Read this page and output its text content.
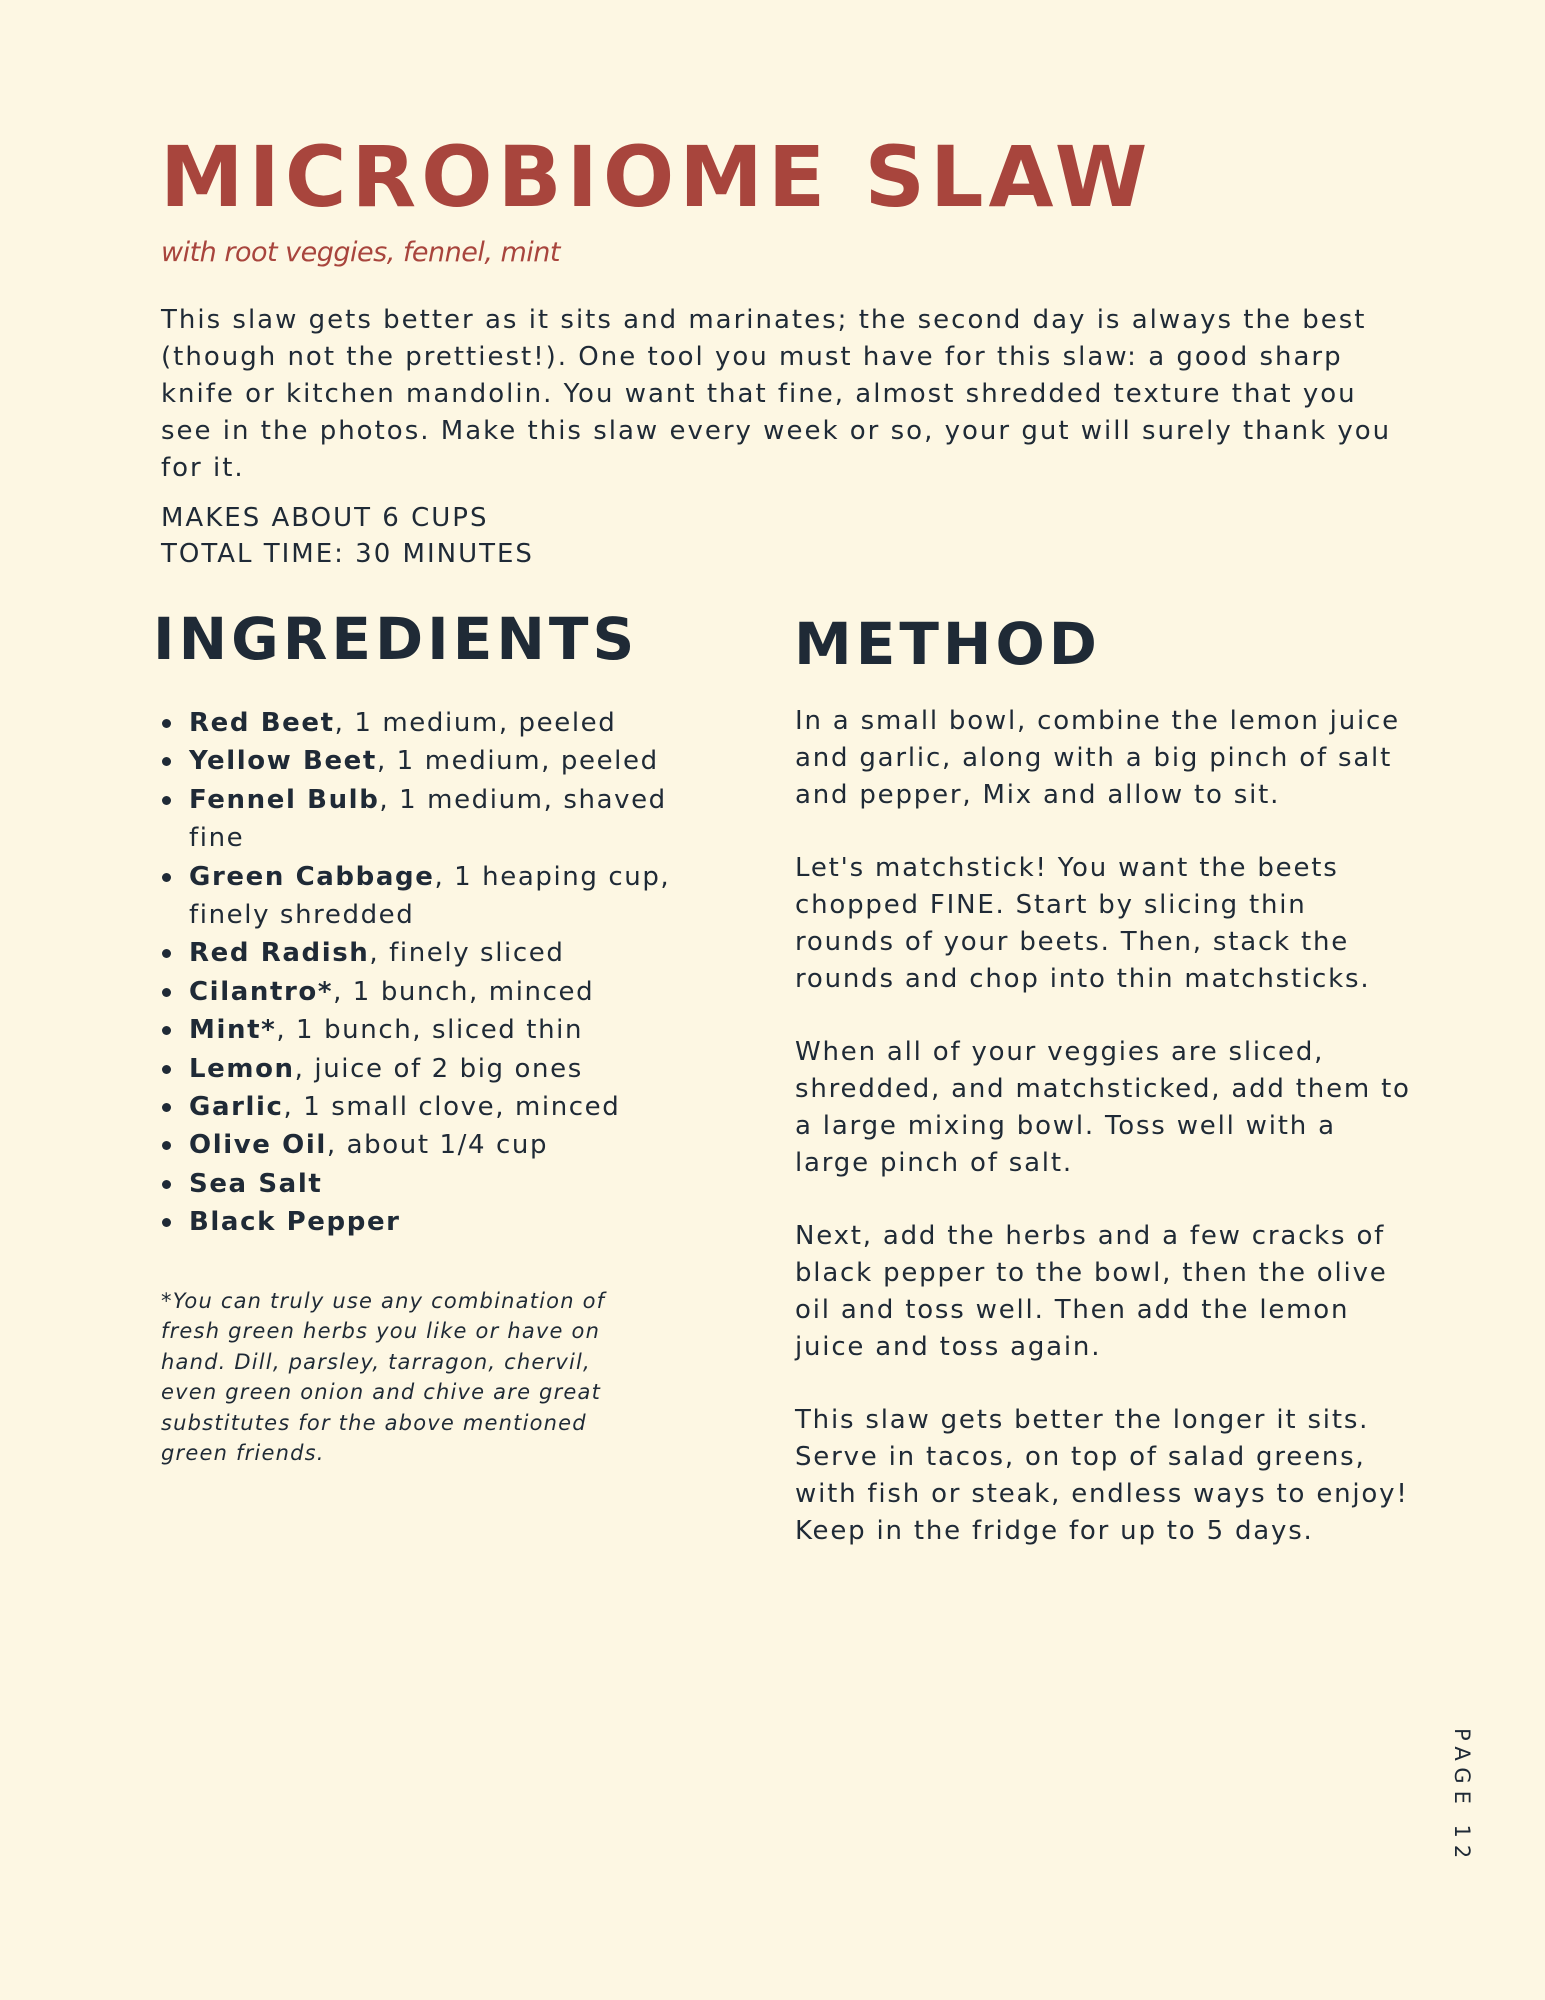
MICROBIOME SLAW

with root veggies, fennel, mint

This slaw gets better as it sits and marinates; the second day is always the best (though not the prettiest!). One tool you must have for this slaw: a good sharp knife or kitchen mandolin. You want that fine, almost shredded texture that you see in the photos. Make this slaw every week or so, your gut will surely thank you for it.

MAKES ABOUT 6 CUPS
TOTAL TIME: 30 MINUTES
INGREDIENTS	METHOD
Red Beet, 1 medium, peeled
Yellow Beet, 1 medium, peeled
Fennel Bulb, 1 medium, shaved fine
Green Cabbage, 1 heaping cup, finely shredded
Red Radish, finely sliced
Cilantro*, 1 bunch, minced
Mint*, 1 bunch, sliced thin
Lemon, juice of 2 big ones
Garlic, 1 small clove, minced
Olive Oil, about 1/4 cup
Sea Salt
Black Pepper

*You can truly use any combination of fresh green herbs you like or have on hand. Dill, parsley, tarragon, chervil, even green onion and chive are great substitutes for the above mentioned green friends.

In a small bowl, combine the lemon juice and garlic, along with a big pinch of salt and pepper, Mix and allow to sit.

Let's matchstick! You want the beets chopped FINE. Start by slicing thin rounds of your beets. Then, stack the rounds and chop into thin matchsticks.

When all of your veggies are sliced, shredded, and matchsticked, add them to a large mixing bowl. Toss well with a large pinch of salt.

Next, add the herbs and a few cracks of black pepper to the bowl, then the olive oil and toss well. Then add the lemon juice and toss again.

This slaw gets better the longer it sits. Serve in tacos, on top of salad greens, with fish or steak, endless ways to enjoy! Keep in the fridge for up to 5 days.

PAGE 12
